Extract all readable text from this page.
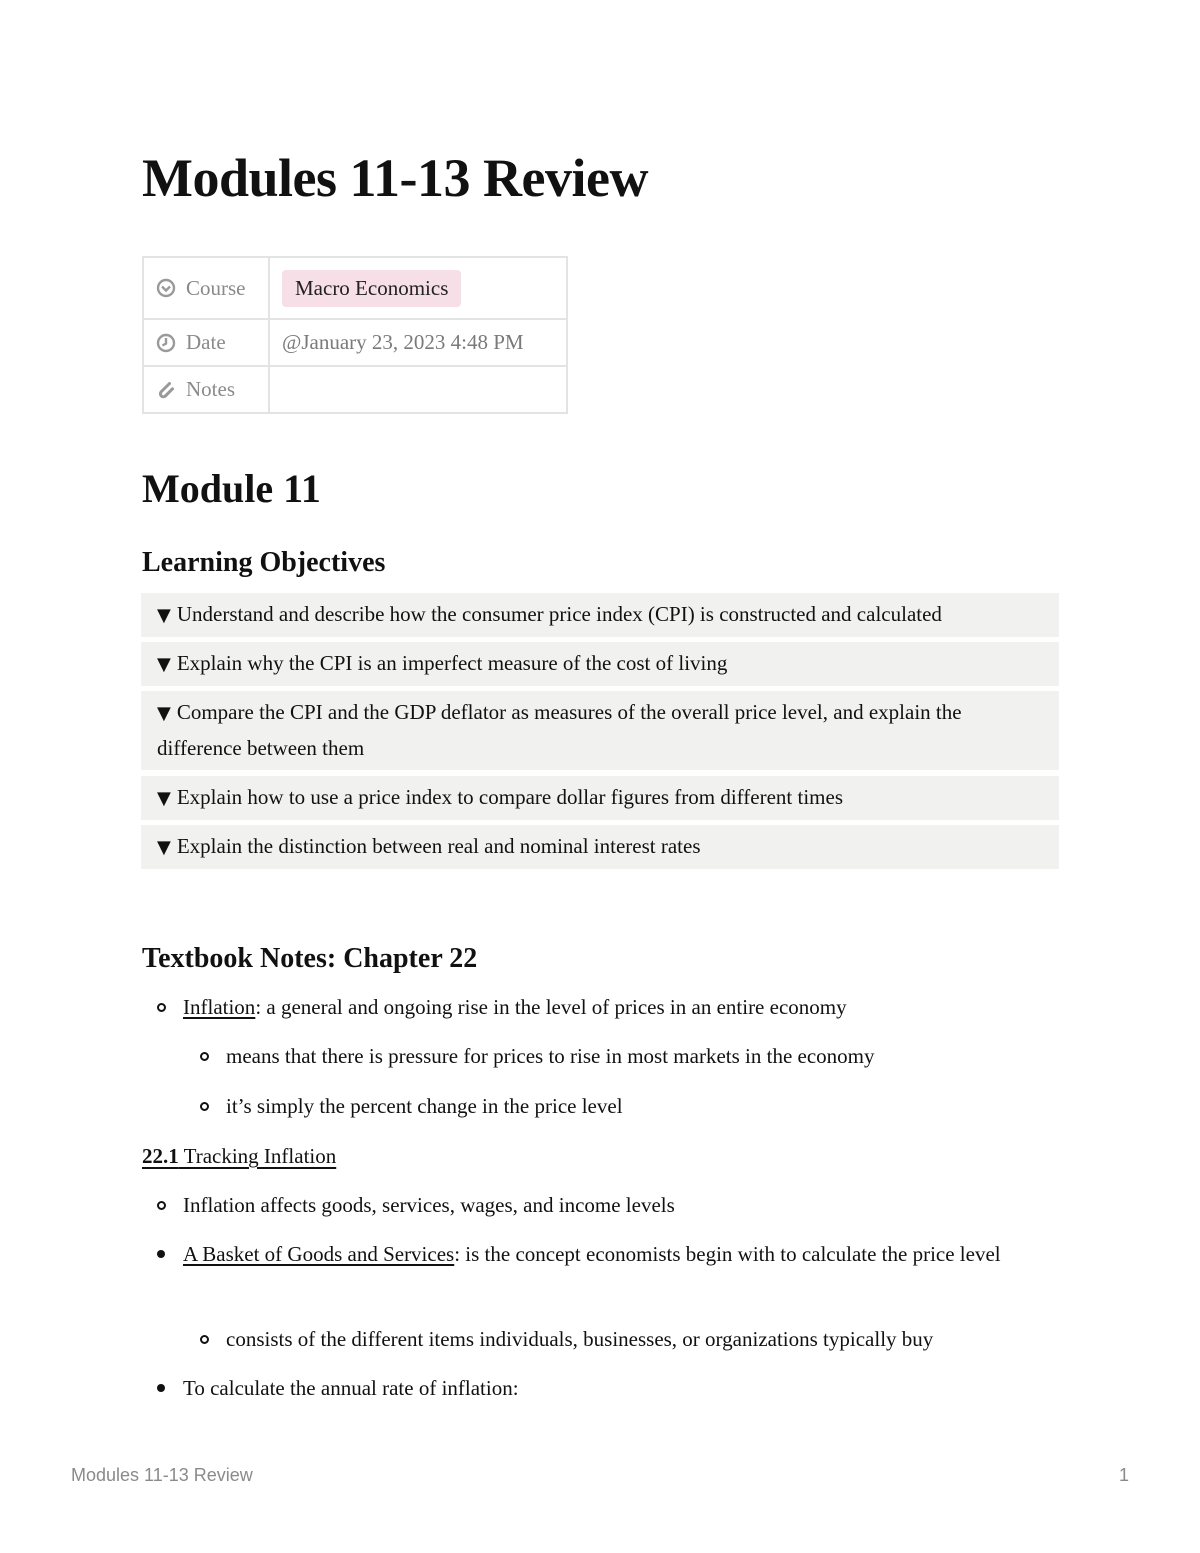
Modules 11-13 Review
Course	Macro Economics

Date	@January 23, 2023 4:48 PM

Notes	

Module 11
Learning Objectives
▼ Understand and describe how the consumer price index (CPI) is constructed and calculated
▼ Explain why the CPI is an imperfect measure of the cost of living
▼ Compare the CPI and the GDP deflator as measures of the overall price level, and explain the difference between them
▼ Explain how to use a price index to compare dollar figures from different times
▼ Explain the distinction between real and nominal interest rates
Textbook Notes: Chapter 22
Inflation: a general and ongoing rise in the level of prices in an entire economy
means that there is pressure for prices to rise in most markets in the economy
it’s simply the percent change in the price level
22.1 Tracking Inflation
Inflation affects goods, services, wages, and income levels
A Basket of Goods and Services: is the concept economists begin with to calculate the price level
consists of the different items individuals, businesses, or organizations typically buy
To calculate the annual rate of inflation:
Modules 11-13 Review	1
